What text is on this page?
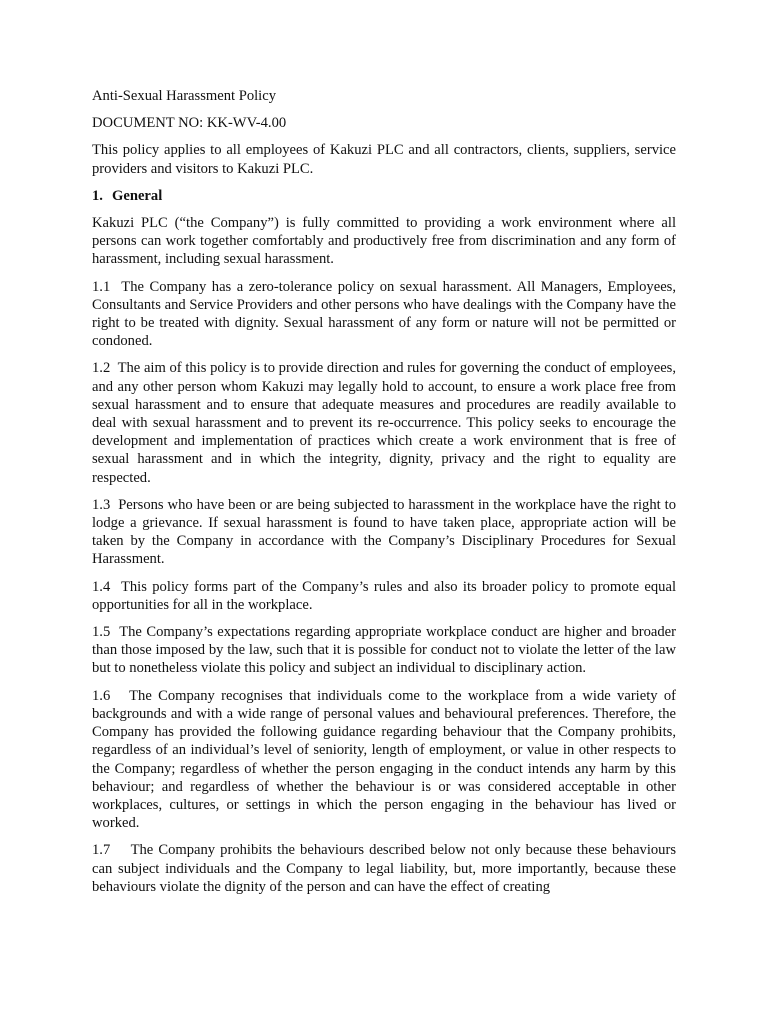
Anti-Sexual Harassment Policy

DOCUMENT NO: KK-WV-4.00

This policy applies to all employees of Kakuzi PLC and all contractors, clients, suppliers, service providers and visitors to Kakuzi PLC.

1. General

Kakuzi PLC (“the Company”) is fully committed to providing a work environment where all persons can work together comfortably and productively free from discrimination and any form of harassment, including sexual harassment.

1.1 The Company has a zero-tolerance policy on sexual harassment. All Managers, Employees, Consultants and Service Providers and other persons who have dealings with the Company have the right to be treated with dignity. Sexual harassment of any form or nature will not be permitted or condoned.

1.2 The aim of this policy is to provide direction and rules for governing the conduct of employees, and any other person whom Kakuzi may legally hold to account, to ensure a work place free from sexual harassment and to ensure that adequate measures and procedures are readily available to deal with sexual harassment and to prevent its re-occurrence. This policy seeks to encourage the development and implementation of practices which create a work environment that is free of sexual harassment and in which the integrity, dignity, privacy and the right to equality are respected.

1.3 Persons who have been or are being subjected to harassment in the workplace have the right to lodge a grievance. If sexual harassment is found to have taken place, appropriate action will be taken by the Company in accordance with the Company’s Disciplinary Procedures for Sexual Harassment.

1.4 This policy forms part of the Company’s rules and also its broader policy to promote equal opportunities for all in the workplace.

1.5 The Company’s expectations regarding appropriate workplace conduct are higher and broader than those imposed by the law, such that it is possible for conduct not to violate the letter of the law but to nonetheless violate this policy and subject an individual to disciplinary action.

1.6 The Company recognises that individuals come to the workplace from a wide variety of backgrounds and with a wide range of personal values and behavioural preferences. Therefore, the Company has provided the following guidance regarding behaviour that the Company prohibits, regardless of an individual’s level of seniority, length of employment, or value in other respects to the Company; regardless of whether the person engaging in the conduct intends any harm by this behaviour; and regardless of whether the behaviour is or was considered acceptable in other workplaces, cultures, or settings in which the person engaging in the behaviour has lived or worked.

1.7 The Company prohibits the behaviours described below not only because these behaviours can subject individuals and the Company to legal liability, but, more importantly, because these behaviours violate the dignity of the person and can have the effect of creating
